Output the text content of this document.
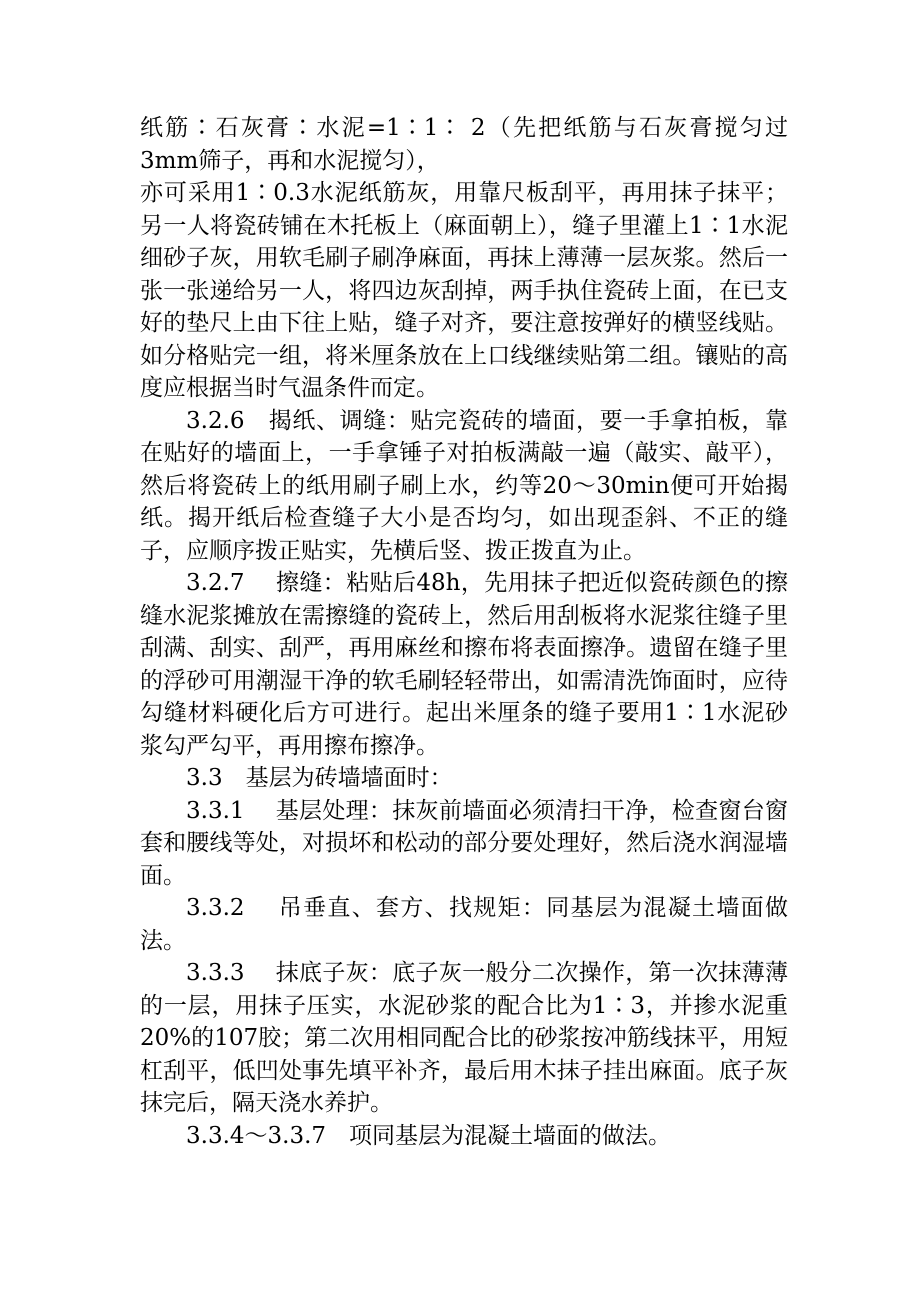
纸筋∶石灰膏∶水泥=1∶1∶ 2（先把纸筋与石灰膏搅匀过3mm筛子，再和水泥搅匀），

亦可采用1∶0.3水泥纸筋灰，用靠尺板刮平，再用抹子抹平；另一人将瓷砖铺在木托板上（麻面朝上），缝子里灌上1∶1水泥细砂子灰，用软毛刷子刷净麻面，再抹上薄薄一层灰浆。然后一张一张递给另一人，将四边灰刮掉，两手执住瓷砖上面，在已支好的垫尺上由下往上贴，缝子对齐，要注意按弹好的横竖线贴。如分格贴完一组，将米厘条放在上口线继续贴第二组。镶贴的高度应根据当时气温条件而定。

3.2.6　揭纸、调缝：贴完瓷砖的墙面，要一手拿拍板，靠在贴好的墙面上，一手拿锤子对拍板满敲一遍（敲实、敲平），然后将瓷砖上的纸用刷子刷上水，约等20～30min便可开始揭纸。揭开纸后检查缝子大小是否均匀，如出现歪斜、不正的缝子，应顺序拨正贴实，先横后竖、拨正拨直为止。

3.2.7　 擦缝：粘贴后48h，先用抹子把近似瓷砖颜色的擦缝水泥浆摊放在需擦缝的瓷砖上，然后用刮板将水泥浆往缝子里刮满、刮实、刮严，再用麻丝和擦布将表面擦净。遗留在缝子里的浮砂可用潮湿干净的软毛刷轻轻带出，如需清洗饰面时，应待勾缝材料硬化后方可进行。起出米厘条的缝子要用1∶1水泥砂浆勾严勾平，再用擦布擦净。

3.3　基层为砖墙墙面时：

3.3.1　 基层处理：抹灰前墙面必须清扫干净，检查窗台窗套和腰线等处，对损坏和松动的部分要处理好，然后浇水润湿墙面。

3.3.2　 吊垂直、套方、找规矩：同基层为混凝土墙面做法。

3.3.3　 抹底子灰：底子灰一般分二次操作，第一次抹薄薄的一层，用抹子压实，水泥砂浆的配合比为1∶3，并掺水泥重20%的107胶；第二次用相同配合比的砂浆按冲筋线抹平，用短杠刮平，低凹处事先填平补齐，最后用木抹子挂出麻面。底子灰抹完后，隔天浇水养护。

3.3.4～3.3.7　项同基层为混凝土墙面的做法。
